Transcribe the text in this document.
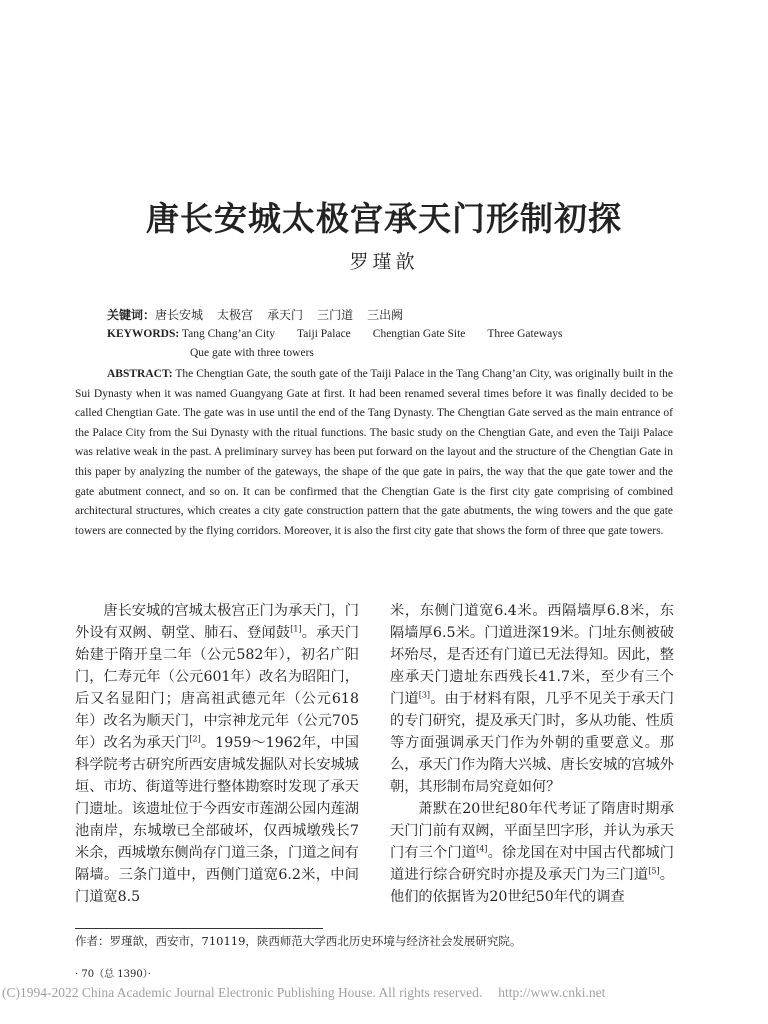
唐长安城太极宫承天门形制初探
罗瑾歆
关键词：唐长安城 太极宫 承天门 三门道 三出阙
KEYWORDS: Tang Chang’an City Taiji Palace Chengtian Gate Site Three Gateways
Que gate with three towers

ABSTRACT: The Chengtian Gate, the south gate of the Taiji Palace in the Tang Chang’an City, was originally built in the Sui Dynasty when it was named Guangyang Gate at first. It had been renamed several times before it was finally decided to be called Chengtian Gate. The gate was in use until the end of the Tang Dynasty. The Chengtian Gate served as the main entrance of the Palace City from the Sui Dynasty with the ritual functions. The basic study on the Chengtian Gate, and even the Taiji Palace was relative weak in the past. A preliminary survey has been put forward on the layout and the structure of the Chengtian Gate in this paper by analyzing the number of the gateways, the shape of the que gate in pairs, the way that the que gate tower and the gate abutment connect, and so on. It can be confirmed that the Chengtian Gate is the first city gate comprising of combined architectural structures, which creates a city gate construction pattern that the gate abutments, the wing towers and the que gate towers are connected by the flying corridors. Moreover, it is also the first city gate that shows the form of three que gate towers.

唐长安城的宫城太极宫正门为承天门，门外设有双阙、朝堂、肺石、登闻鼓[1]。承天门始建于隋开皇二年（公元582年），初名广阳门，仁寿元年（公元601年）改名为昭阳门，后又名显阳门；唐高祖武德元年（公元618年）改名为顺天门，中宗神龙元年（公元705年）改名为承天门[2]。1959～1962年，中国科学院考古研究所西安唐城发掘队对长安城城垣、市坊、街道等进行整体勘察时发现了承天门遗址。该遗址位于今西安市莲湖公园内莲湖池南岸，东城墩已全部破坏，仅西城墩残长7米余，西城墩东侧尚存门道三条，门道之间有隔墙。三条门道中，西侧门道宽6.2米，中间门道宽8.5

米，东侧门道宽6.4米。西隔墙厚6.8米，东隔墙厚6.5米。门道进深19米。门址东侧被破坏殆尽，是否还有门道已无法得知。因此，整座承天门遗址东西残长41.7米，至少有三个门道[3]。由于材料有限，几乎不见关于承天门的专门研究，提及承天门时，多从功能、性质等方面强调承天门作为外朝的重要意义。那么，承天门作为隋大兴城、唐长安城的宫城外朝，其形制布局究竟如何？

萧默在20世纪80年代考证了隋唐时期承天门门前有双阙，平面呈凹字形，并认为承天门有三个门道[4]。徐龙国在对中国古代都城门道进行综合研究时亦提及承天门为三门道[5]。他们的依据皆为20世纪50年代的调查

作者：罗瑾歆，西安市，710119，陕西师范大学西北历史环境与经济社会发展研究院。
· 70（总 1390）·
(C)1994-2022 China Academic Journal Electronic Publishing House. All rights reserved. http://www.cnki.net
